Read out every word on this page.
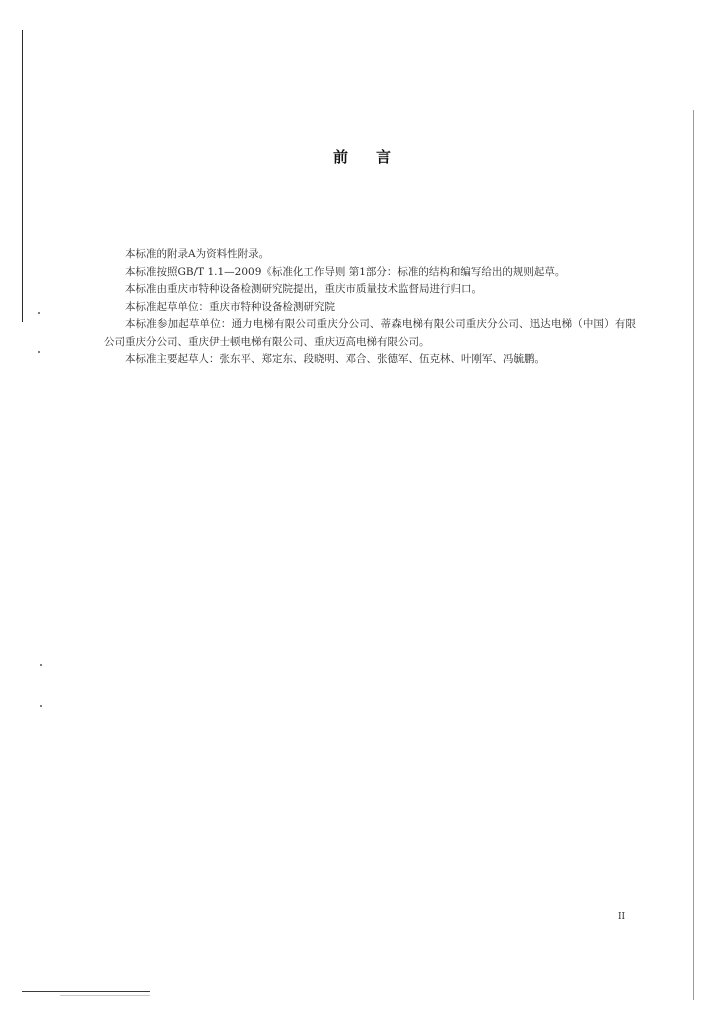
前言

本标准的附录A为资料性附录。

本标准按照GB/T 1.1—2009《标准化工作导则 第1部分：标准的结构和编写给出的规则起草。

本标准由重庆市特种设备检测研究院提出，重庆市质量技术监督局进行归口。

本标准起草单位：重庆市特种设备检测研究院

本标准参加起草单位：通力电梯有限公司重庆分公司、蒂森电梯有限公司重庆分公司、迅达电梯（中国）有限公司重庆分公司、重庆伊士顿电梯有限公司、重庆迈高电梯有限公司。

本标准主要起草人：张东平、郑定东、段晓明、邓合、张德军、伍克林、叶刚军、冯毓鹏。

II
